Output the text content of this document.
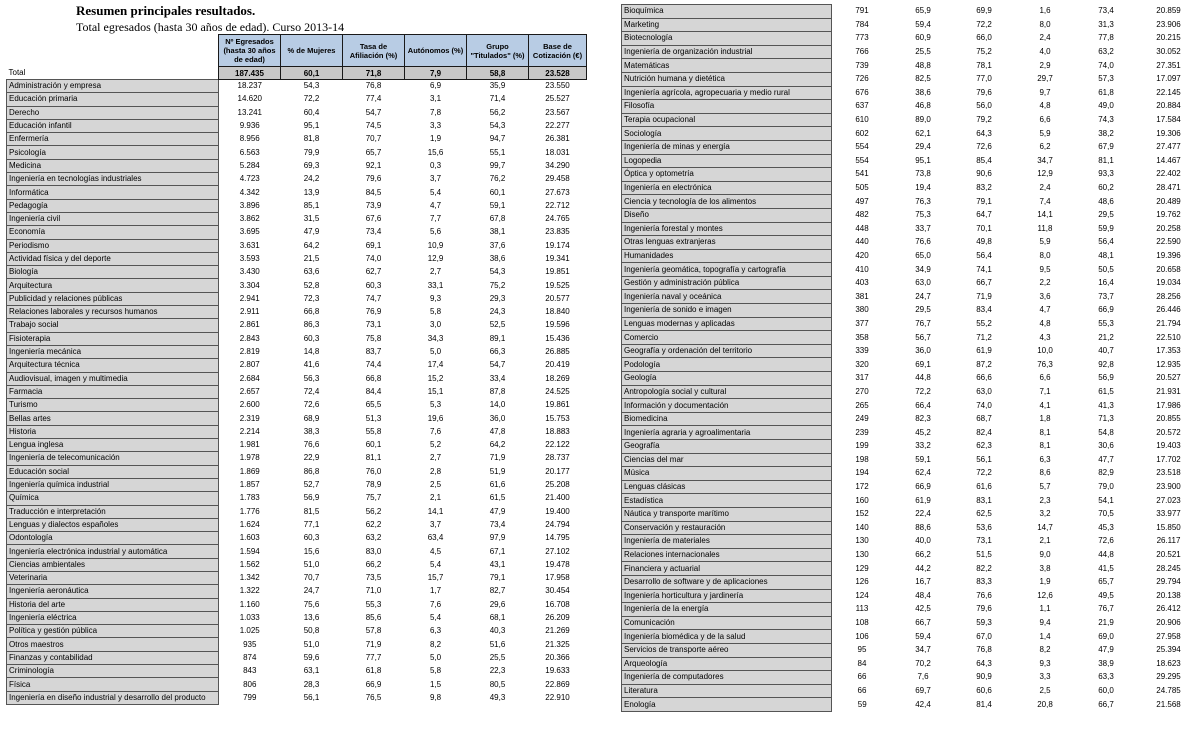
Resumen principales resultados.
Total egresados (hasta 30 años de edad). Curso 2013-14
	Nº Egresados (hasta 30 años de edad)	% de Mujeres	Tasa de Afiliación (%)	Autónomos (%)	Grupo "Titulados" (%)	Base de Cotización (€)
Total	187.435	60,1	71,8	7,9	58,8	23.528
Administración y empresa	18.237	54,3	76,8	6,9	35,9	23.550
Educación primaria	14.620	72,2	77,4	3,1	71,4	25.527
Derecho	13.241	60,4	54,7	7,8	56,2	23.567
Educación infantil	9.936	95,1	74,5	3,3	54,3	22.277
Enfermería	8.956	81,8	70,7	1,9	94,7	26.381
Psicología	6.563	79,9	65,7	15,6	55,1	18.031
Medicina	5.284	69,3	92,1	0,3	99,7	34.290
Ingeniería en tecnologías industriales	4.723	24,2	79,6	3,7	76,2	29.458
Informática	4.342	13,9	84,5	5,4	60,1	27.673
Pedagogía	3.896	85,1	73,9	4,7	59,1	22.712
Ingeniería civil	3.862	31,5	67,6	7,7	67,8	24.765
Economía	3.695	47,9	73,4	5,6	38,1	23.835
Periodismo	3.631	64,2	69,1	10,9	37,6	19.174
Actividad física y del deporte	3.593	21,5	74,0	12,9	38,6	19.341
Biología	3.430	63,6	62,7	2,7	54,3	19.851
Arquitectura	3.304	52,8	60,3	33,1	75,2	19.525
Publicidad y relaciones públicas	2.941	72,3	74,7	9,3	29,3	20.577
Relaciones laborales y recursos humanos	2.911	66,8	76,9	5,8	24,3	18.840
Trabajo social	2.861	86,3	73,1	3,0	52,5	19.596
Fisioterapia	2.843	60,3	75,8	34,3	89,1	15.436
Ingeniería mecánica	2.819	14,8	83,7	5,0	66,3	26.885
Arquitectura técnica	2.807	41,6	74,4	17,4	54,7	20.419
Audiovisual, imagen y multimedia	2.684	56,3	66,8	15,2	33,4	18.269
Farmacia	2.657	72,4	84,4	15,1	87,8	24.525
Turismo	2.600	72,6	65,5	5,3	14,0	19.861
Bellas artes	2.319	68,9	51,3	19,6	36,0	15.753
Historia	2.214	38,3	55,8	7,6	47,8	18.883
Lengua inglesa	1.981	76,6	60,1	5,2	64,2	22.122
Ingeniería de telecomunicación	1.978	22,9	81,1	2,7	71,9	28.737
Educación social	1.869	86,8	76,0	2,8	51,9	20.177
Ingeniería química industrial	1.857	52,7	78,9	2,5	61,6	25.208
Química	1.783	56,9	75,7	2,1	61,5	21.400
Traducción e interpretación	1.776	81,5	56,2	14,1	47,9	19.400
Lenguas y dialectos españoles	1.624	77,1	62,2	3,7	73,4	24.794
Odontología	1.603	60,3	63,2	63,4	97,9	14.795
Ingeniería electrónica industrial y automática	1.594	15,6	83,0	4,5	67,1	27.102
Ciencias ambientales	1.562	51,0	66,2	5,4	43,1	19.478
Veterinaria	1.342	70,7	73,5	15,7	79,1	17.958
Ingeniería aeronáutica	1.322	24,7	71,0	1,7	82,7	30.454
Historia del arte	1.160	75,6	55,3	7,6	29,6	16.708
Ingeniería eléctrica	1.033	13,6	85,6	5,4	68,1	26.209
Política y gestión pública	1.025	50,8	57,8	6,3	40,3	21.269
Otros maestros	935	51,0	71,9	8,2	51,6	21.325
Finanzas y contabilidad	874	59,6	77,7	5,0	25,5	20.366
Criminología	843	63,1	61,8	5,8	22,3	19.633
Física	806	28,3	66,9	1,5	80,5	22.869
Ingeniería en diseño industrial y desarrollo del producto	799	56,1	76,5	9,8	49,3	22.910
Bioquímica	791	65,9	69,9	1,6	73,4	20.859
Marketing	784	59,4	72,2	8,0	31,3	23.906
Biotecnología	773	60,9	66,0	2,4	77,8	20.215
Ingeniería de organización industrial	766	25,5	75,2	4,0	63,2	30.052
Matemáticas	739	48,8	78,1	2,9	74,0	27.351
Nutrición humana y dietética	726	82,5	77,0	29,7	57,3	17.097
Ingeniería agrícola, agropecuaria y medio rural	676	38,6	79,6	9,7	61,8	22.145
Filosofía	637	46,8	56,0	4,8	49,0	20.884
Terapia ocupacional	610	89,0	79,2	6,6	74,3	17.584
Sociología	602	62,1	64,3	5,9	38,2	19.306
Ingeniería de minas y energía	554	29,4	72,6	6,2	67,9	27.477
Logopedia	554	95,1	85,4	34,7	81,1	14.467
Óptica y optometría	541	73,8	90,6	12,9	93,3	22.402
Ingeniería en electrónica	505	19,4	83,2	2,4	60,2	28.471
Ciencia y tecnología de los alimentos	497	76,3	79,1	7,4	48,6	20.489
Diseño	482	75,3	64,7	14,1	29,5	19.762
Ingeniería forestal y montes	448	33,7	70,1	11,8	59,9	20.258
Otras lenguas extranjeras	440	76,6	49,8	5,9	56,4	22.590
Humanidades	420	65,0	56,4	8,0	48,1	19.396
Ingeniería geomática, topografía y cartografía	410	34,9	74,1	9,5	50,5	20.658
Gestión y administración pública	403	63,0	66,7	2,2	16,4	19.034
Ingeniería naval y oceánica	381	24,7	71,9	3,6	73,7	28.256
Ingeniería de sonido e imagen	380	29,5	83,4	4,7	66,9	26.446
Lenguas modernas y aplicadas	377	76,7	55,2	4,8	55,3	21.794
Comercio	358	56,7	71,2	4,3	21,2	22.510
Geografía y ordenación del territorio	339	36,0	61,9	10,0	40,7	17.353
Podología	320	69,1	87,2	76,3	92,8	12.935
Geología	317	44,8	66,6	6,6	56,9	20.527
Antropología social y cultural	270	72,2	63,0	7,1	61,5	21.931
Información y documentación	265	66,4	74,0	4,1	41,3	17.986
Biomedicina	249	82,3	68,7	1,8	71,3	20.855
Ingeniería agraria y agroalimentaria	239	45,2	82,4	8,1	54,8	20.572
Geografía	199	33,2	62,3	8,1	30,6	19.403
Ciencias del mar	198	59,1	56,1	6,3	47,7	17.702
Música	194	62,4	72,2	8,6	82,9	23.518
Lenguas clásicas	172	66,9	61,6	5,7	79,0	23.900
Estadística	160	61,9	83,1	2,3	54,1	27.023
Náutica y transporte marítimo	152	22,4	62,5	3,2	70,5	33.977
Conservación y restauración	140	88,6	53,6	14,7	45,3	15.850
Ingeniería de materiales	130	40,0	73,1	2,1	72,6	26.117
Relaciones internacionales	130	66,2	51,5	9,0	44,8	20.521
Financiera y actuarial	129	44,2	82,2	3,8	41,5	28.245
Desarrollo de software y de aplicaciones	126	16,7	83,3	1,9	65,7	29.794
Ingeniería horticultura y jardinería	124	48,4	76,6	12,6	49,5	20.138
Ingeniería de la energía	113	42,5	79,6	1,1	76,7	26.412
Comunicación	108	66,7	59,3	9,4	21,9	20.906
Ingeniería biomédica y de la salud	106	59,4	67,0	1,4	69,0	27.958
Servicios de transporte aéreo	95	34,7	76,8	8,2	47,9	25.394
Arqueología	84	70,2	64,3	9,3	38,9	18.623
Ingeniería de computadores	66	7,6	90,9	3,3	63,3	29.295
Literatura	66	69,7	60,6	2,5	60,0	24.785
Enología	59	42,4	81,4	20,8	66,7	21.568
